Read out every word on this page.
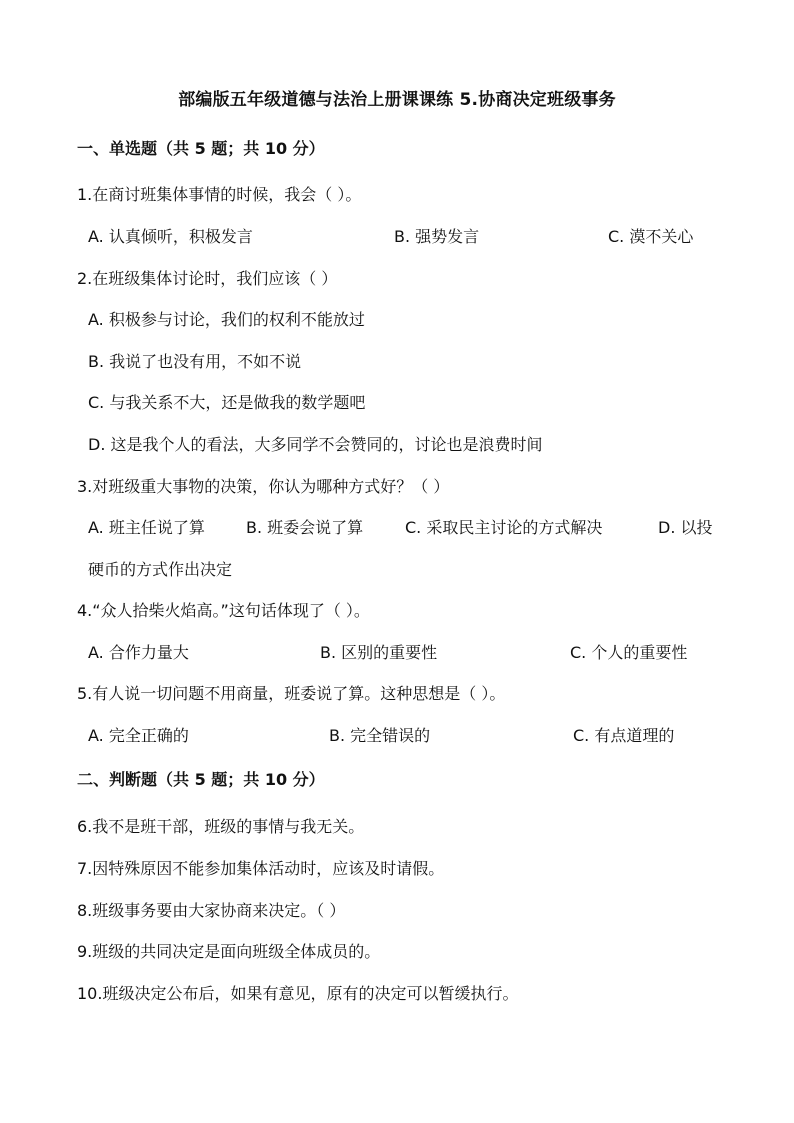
部编版五年级道德与法治上册课课练 5.协商决定班级事务
一、单选题（共 5 题；共 10 分）
1.在商讨班集体事情的时候，我会（ ）。
A. 认真倾听，积极发言	B. 强势发言	C. 漠不关心
2.在班级集体讨论时，我们应该（ ）
A. 积极参与讨论，我们的权利不能放过
B. 我说了也没有用，不如不说
C. 与我关系不大，还是做我的数学题吧
D. 这是我个人的看法，大多同学不会赞同的，讨论也是浪费时间
3.对班级重大事物的决策，你认为哪种方式好？（ ）
A. 班主任说了算	B. 班委会说了算	C. 采取民主讨论的方式解决	D. 以投
硬币的方式作出决定
4.“众人拾柴火焰高。”这句话体现了（ ）。
A. 合作力量大	B. 区别的重要性	C. 个人的重要性
5.有人说一切问题不用商量，班委说了算。这种思想是（ ）。
A. 完全正确的	B. 完全错误的	C. 有点道理的
二、判断题（共 5 题；共 10 分）
6.我不是班干部，班级的事情与我无关。
7.因特殊原因不能参加集体活动时，应该及时请假。
8.班级事务要由大家协商来决定。（ ）
9.班级的共同决定是面向班级全体成员的。
10.班级决定公布后，如果有意见，原有的决定可以暂缓执行。
